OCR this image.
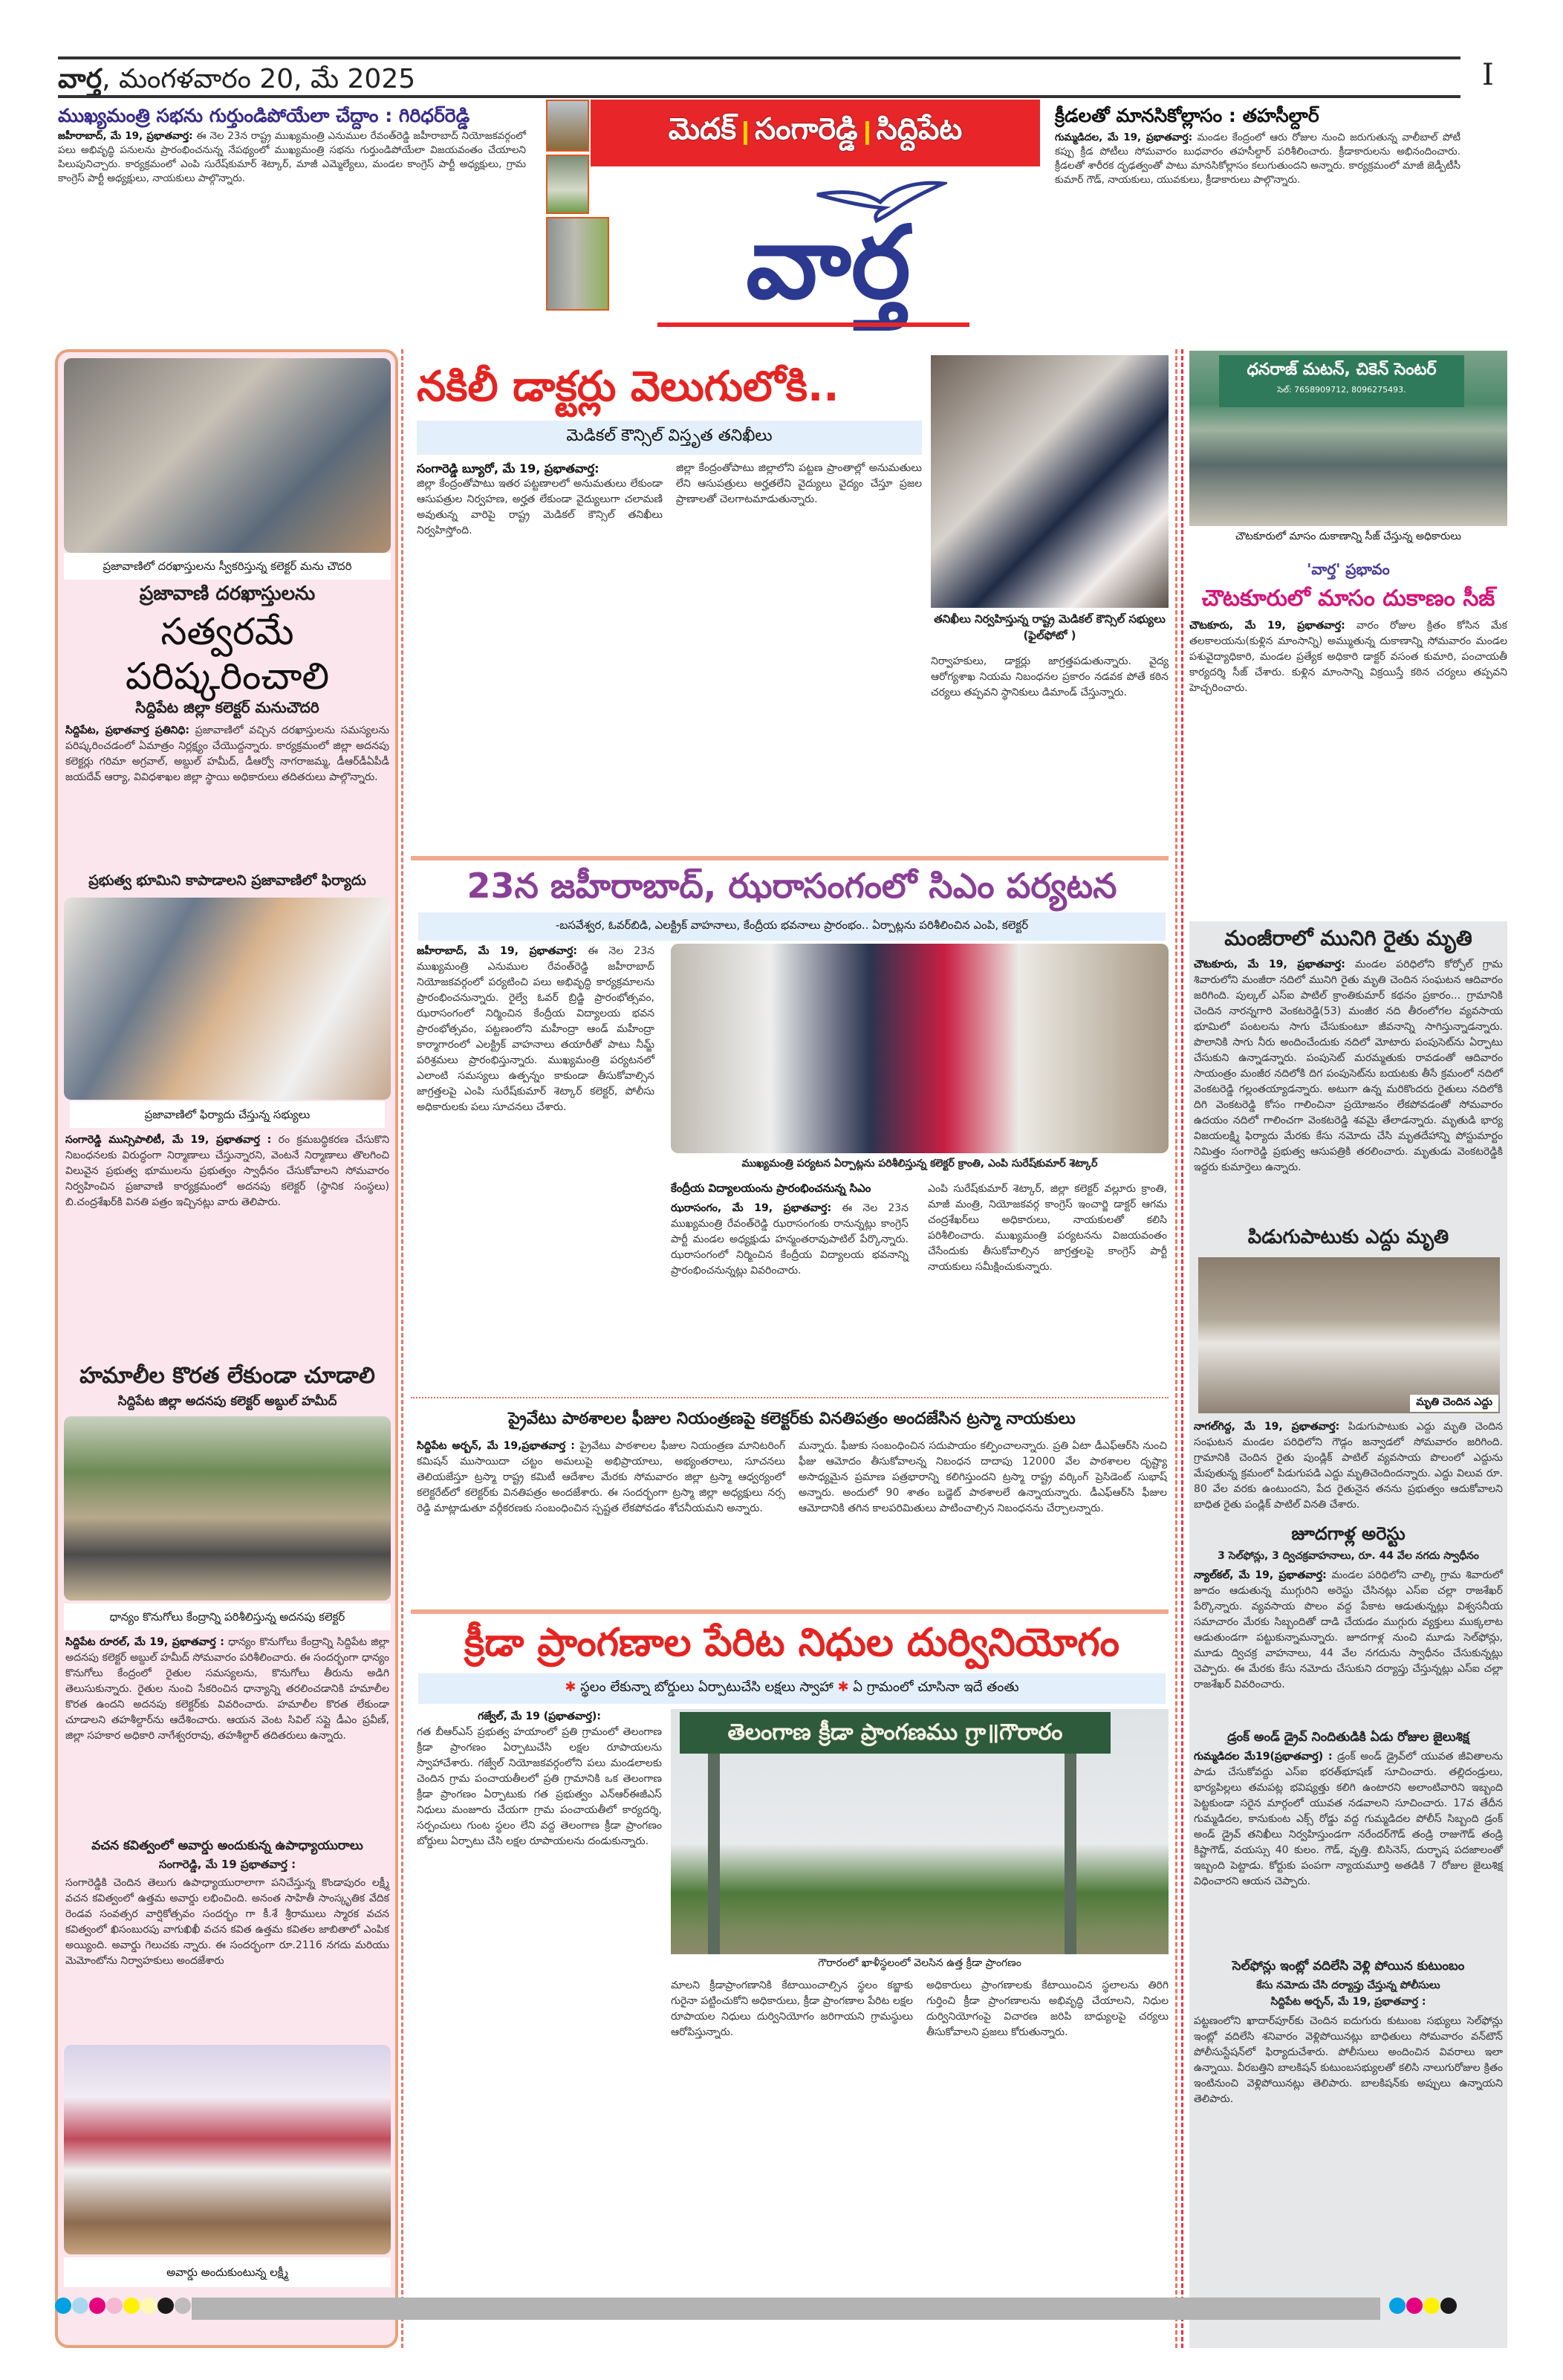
వార్త, మంగళవారం 20, మే 2025	I
ముఖ్యమంత్రి సభను గుర్తుండిపోయేలా చేద్దాం : గిరిధర్‌రెడ్డి
జహీరాబాద్, మే 19, ప్రభాతవార్త: ఈ నెల 23న రాష్ట్ర ముఖ్యమంత్రి ఎనుముల రేవంత్‌రెడ్డి జహీరాబాద్ నియోజకవర్గంలో పలు అభివృద్ధి పనులను ప్రారంభించనున్న నేపథ్యంలో ముఖ్యమంత్రి సభను గుర్తుండిపోయేలా విజయవంతం చేయాలని పిలుపునిచ్చారు. కార్యక్రమంలో ఎంపి సురేష్‌కుమార్ శెట్కార్, మాజీ ఎమ్మెల్యేలు, మండల కాంగ్రెస్ పార్టీ అధ్యక్షులు, గ్రామ కాంగ్రెస్ పార్టీ అధ్యక్షులు, నాయకులు పాల్గొన్నారు.
మెదక్ సంగారెడ్డి సిద్దిపేట
వార్త
క్రీడలతో మానసికోల్లాసం : తహసీల్దార్
గుమ్మడిదల, మే 19, ప్రభాతవార్త: మండల కేంద్రంలో ఆరు రోజుల నుంచి జరుగుతున్న వాలీబాల్ పోటీ కప్పు క్రీడ పోటీలు సోమవారం బుధవారం తహసీల్దార్ పరిశీలించారు. క్రీడాకారులను అభినందించారు. క్రీడలతో శారీరక దృఢత్వంతో పాటు మానసికోల్లాసం కలుగుతుందని అన్నారు. కార్యక్రమంలో మాజీ జెడ్పీటీసీ కుమార్ గౌడ్, నాయకులు, యువకులు, క్రీడాకారులు పాల్గొన్నారు.
ప్రజావాణిలో దరఖాస్తులను స్వీకరిస్తున్న కలెక్టర్ మను చౌదరి
ప్రజావాణి దరఖాస్తులను
సత్వరమే పరిష్కరించాలి
సిద్దిపేట జిల్లా కలెక్టర్ మనుచౌదరి
సిద్దిపేట, ప్రభాతవార్త ప్రతినిధి: ప్రజావాణిలో వచ్చిన దరఖాస్తులను సమస్యలను పరిష్కరించడంలో ఏమాత్రం నిర్లక్ష్యం చేయొద్దన్నారు. కార్యక్రమంలో జిల్లా అదనపు కలెక్టర్లు గరిమా అగ్రవాల్, అబ్దుల్ హమీద్, డీఆర్వో నాగరాజమ్మ, డీఆర్‌డీఏపీడీ జయదేవ్ ఆర్యా, వివిధశాఖల జిల్లా స్థాయి అధికారులు తదితరులు పాల్గొన్నారు.
ప్రభుత్వ భూమిని కాపాడాలని ప్రజావాణిలో ఫిర్యాదు
ప్రజావాణిలో ఫిర్యాదు చేస్తున్న సభ్యులు
సంగారెడ్డి మున్సిపాలిటీ, మే 19, ప్రభాతవార్త : రం క్రమబద్ధికరణ చేసుకొని నిబంధనలకు విరుద్ధంగా నిర్మాణాలు చేస్తున్నారని, వెంటనే నిర్మాణాలు తొలగించి విలువైన ప్రభుత్వ భూములను ప్రభుత్వం స్వాధీనం చేసుకోవాలని సోమవారం నిర్వహించిన ప్రజావాణి కార్యక్రమంలో అదనపు కలెక్టర్ (స్థానిక సంస్థలు) బి.చంద్రశేఖర్‌కి వినతి పత్రం ఇచ్చినట్లు వారు తెలిపారు.
హమాలీల కొరత లేకుండా చూడాలి
సిద్దిపేట జిల్లా అదనపు కలెక్టర్ అబ్దుల్ హమీద్
ధాన్యం కొనుగోలు కేంద్రాన్ని పరిశీలిస్తున్న అదనపు కలెక్టర్
సిద్దిపేట రూరల్, మే 19, ప్రభాతవార్త : ధాన్యం కొనుగోలు కేంద్రాన్ని సిద్దిపేట జిల్లా అదనపు కలెక్టర్ అబ్దుల్ హమీద్ సోమవారం పరిశీలించారు. ఈ సందర్భంగా ధాన్యం కొనుగోలు కేంద్రంలో రైతుల సమస్యలను, కొనుగోలు తీరును అడిగి తెలుసుకున్నారు. రైతుల నుంచి సేకరించిన ధాన్యాన్ని తరలించడానికి హమాలీల కొరత ఉందని అదనపు కలెక్టర్‌కు వివరించారు. హమాలీల కొరత లేకుండా చూడాలని తహశీల్దార్‌ను ఆదేశించారు. ఆయన వెంట సివిల్ సప్లై డీఎం ప్రవీణ్, జిల్లా సహకార అధికారి నాగేశ్వరరావు, తహశీల్దార్ తదితరులు ఉన్నారు.
వచన కవిత్వంలో అవార్డు అందుకున్న ఉపాధ్యాయురాలు
సంగారెడ్డి, మే 19 ప్రభాతవార్త :
సంగారెడ్డికి చెందిన తెలుగు ఉపాధ్యాయురాలాగా పనిచేస్తున్న కొండాపురం లక్ష్మీ వచన కవిత్వంలో ఉత్తమ అవార్డు లభించింది. అనంత సాహితీ సాంస్కృతిక వేదిక రెండవ సంవత్సర వార్షికోత్సవం సందర్భం గా కీ.శే శ్రీరాములు స్మారక వచన కవిత్వంలో ఖిసంబురపు వాగుఖిఖీ వచన కవిత ఉత్తమ కవితల జాబితాలో ఎంపిక అయ్యింది. అవార్డు గెలుచకు న్నారు. ఈ సందర్భంగా రూ.2116 నగదు మరియు మెమోంటోను నిర్వాహకులు అందజేశారు
అవార్డు అందుకుంటున్న లక్ష్మీ
నకిలీ డాక్టర్లు వెలుగులోకి..
మెడికల్ కౌన్సిల్ విస్తృత తనిఖీలు
సంగారెడ్డి బ్యూరో, మే 19, ప్రభాతవార్త:
జిల్లా కేంద్రంతోపాటు ఇతర పట్టణాలలో అనుమతులు లేకుండా ఆసుపత్రుల నిర్వహణ, అర్హత లేకుండా వైద్యులుగా చలామణి అవుతున్న వారిపై రాష్ట్ర మెడికల్ కౌన్సిల్ తనిఖీలు నిర్వహిస్తోంది.
జిల్లా కేంద్రంతోపాటు జిల్లాలోని పట్టణ ప్రాంతాల్లో అనుమతులు లేని ఆసుపత్రులు అర్హతలేని వైద్యులు వైద్యం చేస్తూ ప్రజల ప్రాణాలతో చెలగాటమాడుతున్నారు.
తనిఖీలు నిర్వహిస్తున్న రాష్ట్ర మెడికల్ కౌన్సిల్ సభ్యులు (ఫైల్‌ఫోటో )
నిర్వాహకులు, డాక్టర్లు జాగ్రత్తపడుతున్నారు. వైద్య ఆరోగ్యశాఖ నియమ నిబంధనల ప్రకారం నడవక పోతే కఠిన చర్యలు తప్పవని స్థానికులు డిమాండ్ చేస్తున్నారు.
23న జహీరాబాద్, ఝరాసంగంలో సిఎం పర్యటన
-బసవేశ్వర, ఓవర్‌బిడి, ఎలక్ట్రిక్ వాహనాలు, కేంద్రీయ భవనాలు ప్రారంభం.. ఏర్పాట్లను పరిశీలించిన ఎంపి, కలెక్టర్
జహీరాబాద్, మే 19, ప్రభాతవార్త: ఈ నెల 23న ముఖ్యమంత్రి ఎనుముల రేవంత్‌రెడ్డి జహీరాబాద్ నియోజకవర్గంలో పర్యటించి పలు అభివృద్ధి కార్యక్రమాలను ప్రారంభించనున్నారు. రైల్వే ఓవర్ బ్రిడ్జి ప్రారంభోత్సవం, ఝరాసంగంలో నిర్మించిన కేంద్రీయ విద్యాలయ భవన ప్రారంభోత్సవం, పట్టణంలోని మహీంద్రా ఆండ్ మహీంద్రా కార్మాగారంలో ఎలక్ట్రిక్ వాహనాలు తయారీతో పాటు నీమ్జ్ పరిశ్రమలు ప్రారంభిస్తున్నారు. ముఖ్యమంత్రి పర్యటనలో ఎలాంటి సమస్యలు ఉత్పన్నం కాకుండా తీసుకోవాల్సిన జాగ్రత్తలపై ఎంపి సురేష్‌కుమార్ శెట్కార్ కలెక్టర్, పోలీసు అధికారులకు పలు సూచనలు చేశారు.
ముఖ్యమంత్రి పర్యటన ఏర్పాట్లను పరిశీలిస్తున్న కలెక్టర్ క్రాంతి, ఎంపి సురేష్‌కుమార్ శెట్కార్
కేంద్రీయ విద్యాలయంను ప్రారంభించనున్న సిఎం
ఝరాసంగం, మే 19, ప్రభాతవార్త: ఈ నెల 23న ముఖ్యమంత్రి రేవంత్‌రెడ్డి ఝరాసంగంకు రానున్నట్లు కాంగ్రెస్ పార్టీ మండల అధ్యక్షుడు హన్మంతరావుపాటిల్ పేర్కొన్నారు. ఝరాసంగంలో నిర్మించిన కేంద్రీయ విద్యాలయ భవనాన్ని ప్రారంభించనున్నట్లు వివరించారు.
ఎంపి సురేష్‌కుమార్ శెట్కార్, జిల్లా కలెక్టర్ వల్లూరు క్రాంతి, మాజీ మంత్రి, నియోజకవర్గ కాంగ్రెస్ ఇంచార్జి డాక్టర్ ఆగమ చంద్రశేఖర్‌లు అధికారులు, నాయకులతో కలిసి పరిశీలించారు. ముఖ్యమంత్రి పర్యటనను విజయవంతం చేసేందుకు తీసుకోవాల్సిన జాగ్రత్తలపై కాంగ్రెస్ పార్టీ నాయకులు సమీక్షించుకున్నారు.
ప్రైవేటు పాఠశాలల ఫీజుల నియంత్రణపై కలెక్టర్‌కు వినతిపత్రం అందజేసిన ట్రస్మా నాయకులు
సిద్దిపేట అర్బన్, మే 19,ప్రభాతవార్త : ప్రైవేటు పాఠశాలల ఫీజుల నియంత్రణ మానిటరింగ్ కమిషన్ ముసాయిదా చట్టం అమలుపై అభిప్రాయాలు, అభ్యంతరాలు, సూచనలు తెలియజేస్తూ ట్రస్మా రాష్ట్ర కమిటీ ఆదేశాల మేరకు సోమవారం జిల్లా ట్రస్మా ఆధ్వర్యంలో కలెక్టరేట్‌లో కలెక్టర్‌కు వినతిపత్రం అందజేశారు. ఈ సందర్భంగా ట్రస్మా జిల్లా అధ్యక్షులు నర్స రెడ్డి మాట్లాడుతూ వర్గీకరణకు సంబంధించిన స్పష్టత లేకపోవడం శోచనీయమని అన్నారు.
మన్నారు. ఫీజుకు సంబంధించిన సదుపాయం కల్పించాలన్నారు. ప్రతి ఏటా డీఎఫ్ఆర్‌సి నుంచి ఫీజు ఆమోదం తీసుకోవాలన్న నిబంధన దాదాపు 12000 వేల పాఠశాలల దృష్ట్యా అసాధ్యమైన ప్రమాణ పత్రభారాన్ని కలిగిస్తుందని ట్రస్మా రాష్ట్ర వర్కింగ్ ప్రెసిడెంట్ సుభాష్ అన్నారు. అందులో 90 శాతం బడ్జెట్ పాఠశాలలే ఉన్నాయన్నారు. డీఎఫ్ఆర్‌సి ఫీజుల ఆమోదానికి తగిన కాలపరిమితులు పాటించాల్సిన నిబంధనను చేర్చాలన్నారు.
క్రీడా ప్రాంగణాల పేరిట నిధుల దుర్వినియోగం
✱ స్థలం లేకున్నా బోర్డులు ఏర్పాటుచేసి లక్షలు స్వాహా ✱ ఏ గ్రామంలో చూసినా ఇదే తంతు
గజ్వేల్, మే 19 (ప్రభాతవార్త):
గత బీఆర్‌ఎస్ ప్రభుత్వ హయాంలో ప్రతి గ్రామంలో తెలంగాణ క్రీడా ప్రాంగణం ఏర్పాటుచేసి లక్షల రూపాయలను స్వాహాచేశారు. గజ్వేల్ నియోజకవర్గంలోని పలు మండలాలకు చెందిన గ్రామ పంచాయతీలలో ప్రతి గ్రామానికి ఒక తెలంగాణ క్రీడా ప్రాంగణం ఏర్పాటుకు గత ప్రభుత్వం ఎన్ఆర్ఈజీఎస్ నిధులు మంజూరు చేయగా గ్రామ పంచాయతీలో కార్యదర్శి, సర్పంచులు గుంట స్థలం లేని వద్ద తెలంగాణ క్రీడా ప్రాంగణం బోర్డులు ఏర్పాటు చేసి లక్షల రూపాయలను దండుకున్నారు.
తెలంగాణ క్రీడా ప్రాంగణము గ్రా॥గౌరారం
గౌరారంలో ఖాళీస్థలంలో వెలసిన ఉత్త క్రీడా ప్రాంగణం
మాలని క్రీడాప్రాంగణానికి కేటాయించాల్సిన స్థలం కబ్జాకు గురైనా పట్టించుకోని అధికారులు, క్రీడా ప్రాంగణాల పేరిట లక్షల రూపాయల నిధులు దుర్వినియోగం జరిగాయని గ్రామస్థులు ఆరోపిస్తున్నారు.
అధికారులు ప్రాంగణాలకు కేటాయించిన స్థలాలను తిరిగి గుర్తించి క్రీడా ప్రాంగణాలను అభివృద్ధి చేయాలని, నిధుల దుర్వినియోగంపై విచారణ జరిపి బాధ్యులపై చర్యలు తీసుకోవాలని ప్రజలు కోరుతున్నారు.
ధనరాజ్ మటన్, చికెన్ సెంటర్
సెల్: 7658909712, 8096275493.
చౌటకూరులో మాసం దుకాణాన్ని సీజ్ చేస్తున్న అధికారులు
'వార్త' ప్రభావం
చౌటకూరులో మాసం దుకాణం సీజ్
చౌటకూరు, మే 19, ప్రభాతవార్త: వారం రోజుల క్రితం కోసిన మేక తలకాలయను(కుళ్లిన మాంసాన్ని) అమ్ముతున్న దుకాణాన్ని సోమవారం మండల పశువైద్యాధికారి, మండల ప్రత్యేక అధికారి డాక్టర్ వసంత కుమారి, పంచాయతీ కార్యదర్శి సీజ్ చేశారు. కుళ్లిన మాంసాన్ని విక్రయిస్తే కఠిన చర్యలు తప్పవని హెచ్చరించారు.
మంజీరాలో మునిగి రైతు మృతి
చౌటకూరు, మే 19, ప్రభాతవార్త: మండల పరిధిలోని కోర్పోల్ గ్రామ శివారులోని మంజీరా నదిలో మునిగి రైతు మృతి చెందిన సంఘటన ఆదివారం జరిగింది. పుల్కల్ ఎస్ఐ పాటిల్ క్రాంతికుమార్ కథనం ప్రకారం... గ్రామానికి చెందిన నారన్నగారి వెంకటరెడ్డి(53) మంజీర నది తీరంలోగల వ్యవసాయ భూమిలో పంటలను సాగు చేసుకుంటూ జీవనాన్ని సాగిస్తున్నాడన్నారు. పొలానికి సాగు నీరు అందించేందుకు నదిలో మోటారు పంపుసెట్‌ను ఏర్పాటు చేసుకుని ఉన్నాడన్నారు. పంపుసెట్ మరమ్మతుకు రావడంతో ఆదివారం సాయంత్రం మంజీర నదిలోకి దిగ పంపుసెట్‌ను బయటకు తీసే క్రమంలో నదిలో వెంకటరెడ్డి గల్లంతయ్యాడన్నారు. అటుగా ఉన్న మరికొందరు రైతులు నదిలోకి దిగి వెంకటరెడ్డి కోసం గాలించినా ప్రయోజనం లేకపోవడంతో సోమవారం ఉదయం నదిలో గాలించగా వెంకటరెడ్డి శవమై తేలాడన్నారు. మృతుడి భార్య విజయలక్ష్మి ఫిర్యాదు మేరకు కేసు నమోదు చేసి మృతదేహాన్ని పోస్టుమార్టం నిమిత్తం సంగారెడ్డి ప్రభుత్వ ఆసుపత్రికి తరలించారు. మృతుడు వెంకటరెడ్డికి ఇద్దరు కుమార్తెలు ఉన్నారు.
పిడుగుపాటుకు ఎద్దు మృతి
మృతి చెందిన ఎద్దు
నాగల్‌గిద్ద, మే 19, ప్రభాతవార్త: పిడుగుపాటుకు ఎద్దు మృతి చెందిన సంఘటన మండల పరిధిలోని గౌడ్గం జన్వాడలో సోమవారం జరిగింది. గ్రామానికి చెందిన రైతు పుండ్లిక్ పాటిల్ వ్యవసాయ పొలంలో ఎద్దును మేపుతున్న క్రమంలో పిడుగుపడి ఎద్దు మృతిచెందిందన్నారు. ఎద్దు విలువ రూ. 80 వేల వరకు ఉంటుందని, పేద రైతునైన తనను ప్రభుత్వం ఆదుకోవాలని బాధిత రైతు పండ్లిక్ పాటిల్ వినతి చేశారు.
జూదగాళ్ల అరెస్టు
3 సెల్‌ఫోన్లు, 3 ద్విచక్రవాహనాలు, రూ. 44 వేల నగదు స్వాధీనం
న్యాల్‌కల్, మే 19, ప్రభాతవార్త: మండల పరిధిలోని చాల్కి గ్రామ శివారులో జూదం ఆడుతున్న ముగ్గురిని అరెస్టు చేసినట్లు ఎస్ఐ చల్లా రాజశేఖర్ పేర్కొన్నారు. వ్యవసాయ పొలం వద్ద పేకాట ఆడుతున్నట్లు విశ్వసనీయ సమాచారం మేరకు సిబ్బందితో దాడి చేయడం ముగ్గురు వ్యక్తులు ముక్కలాట ఆడుతుండగా పట్టుకున్నామన్నారు. జూదగాళ్ల నుంచి మూడు సెల్‌ఫోన్లు, మూడు ద్విచక్ర వాహనాలు, 44 వేల నగదును స్వాధీనం చేసుకున్నట్లు చెప్పారు. ఈ మేరకు కేసు నమోదు చేసుకుని దర్యాప్తు చేస్తున్నట్లు ఎస్ఐ చల్లా రాజశేఖర్ వివరించారు.
డ్రంక్ అండ్ డ్రైవ్ నిందితుడికి ఏడు రోజుల జైలుశిక్ష
గుమ్మడిదల మే19(ప్రభాతవార్త) : డ్రంక్ అండ్ డ్రైవ్‌లో యువత జీవితాలను పాడు చేసుకోవద్దు ఎస్ఐ భరత్‌భూషణ్ సూచించారు. తల్లిదండ్రులు, భార్యపిల్లలు తమపట్ల భవిష్యత్తు కలిగి ఉంటారని అలాంటివారిని ఇబ్బంది పెట్టకుండా సరైన మార్గంలో యువత నడవాలని సూచించారు. 17వ తేదీన గుమ్మడిదల, కానుకుంట ఎక్స్ రోడ్డు వద్ద గుమ్మడిదల పోలీస్ సిబ్బంది డ్రంక్ అండ్ డ్రైవ్ తనిఖీలు నిర్వహిస్తుండగా నరేందర్‌గౌడ్ తండ్రి రాజుగౌడ్ తండ్రి కిష్టాగౌడ్, వయస్సు 40 కులం. గౌడ్, వృత్తి. బిసినెస్, దుర్భాష పదజాలంతో ఇబ్బంది పెట్టాడు. కోర్టుకు పంపగా న్యాయమూర్తి అతడికి 7 రోజుల జైలుశిక్ష విధించారని ఆయన చెప్పారు.
సెల్‌ఫోన్లు ఇంట్లో వదిలేసి వెళ్లి పోయిన కుటుంబం
కేసు నమోదు చేసి దర్యాప్తు చేస్తున్న పోలీసులు
సిద్దిపేట అర్బన్, మే 19, ప్రభాతవార్త :
పట్టణంలోని ఖాదార్‌పూర్‌కు చెందిన ఐదుగురు కుటుంబ సభ్యులు సెల్‌ఫోన్లు ఇంట్లో వదిలేసి శనివారం వెళ్లిపోయినట్లు బాధితులు సోమవారం వన్‌టౌన్ పోలీసుస్టేషన్‌లో ఫిర్యాదుచేశారు. పోలీసులు అందించిన వివరాలు ఇలా ఉన్నాయి. వీరబత్తిని బాలకిషన్ కుటుంబసభ్యులతో కలిసి నాలుగురోజుల క్రితం ఇంటినుంచి వెళ్లిపోయినట్లు తెలిపారు. బాలకిషన్‌కు అప్పులు ఉన్నాయని తెలిపారు.
